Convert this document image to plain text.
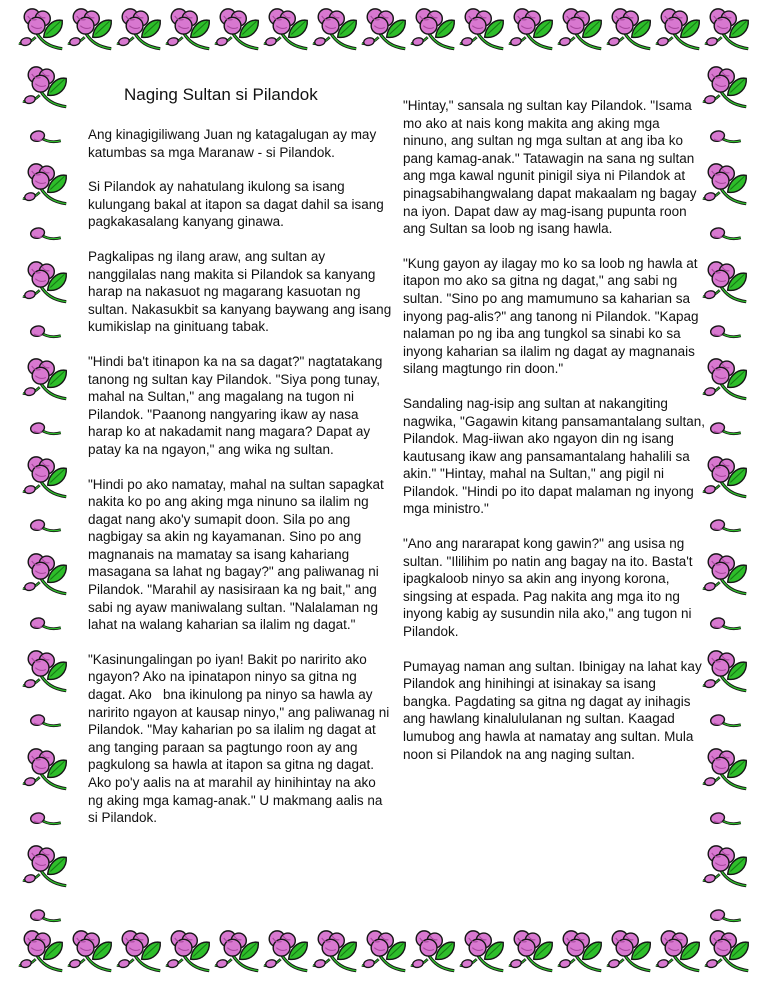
Naging Sultan si Pilandok

Ang kinagigiliwang Juan ng katagalugan ay may katumbas sa mga Maranaw - si Pilandok.

Si Pilandok ay nahatulang ikulong sa isang kulungang bakal at itapon sa dagat dahil sa isang pagkakasalang kanyang ginawa.

Pagkalipas ng ilang araw, ang sultan ay nanggilalas nang makita si Pilandok sa kanyang harap na nakasuot ng magarang kasuotan ng sultan. Nakasukbit sa kanyang baywang ang isang kumikislap na ginituang tabak.

"Hindi ba't itinapon ka na sa dagat?" nagtatakang tanong ng sultan kay Pilandok. "Siya pong tunay, mahal na Sultan," ang magalang na tugon ni Pilandok. "Paanong nangyaring ikaw ay nasa harap ko at nakadamit nang magara? Dapat ay patay ka na ngayon," ang wika ng sultan.

"Hindi po ako namatay, mahal na sultan sapagkat nakita ko po ang aking mga ninuno sa ilalim ng dagat nang ako'y sumapit doon. Sila po ang nagbigay sa akin ng kayamanan. Sino po ang magnanais na mamatay sa isang kahariang masagana sa lahat ng bagay?" ang paliwanag ni Pilandok. "Marahil ay nasisiraan ka ng bait," ang sabi ng ayaw maniwalang sultan. "Nalalaman ng lahat na walang kaharian sa ilalim ng dagat."

"Kasinungalingan po iyan! Bakit po naririto ako ngayon? Ako na ipinatapon ninyo sa gitna ng dagat. Ako   bna ikinulong pa ninyo sa hawla ay naririto ngayon at kausap ninyo," ang paliwanag ni Pilandok. "May kaharian po sa ilalim ng dagat at ang tanging paraan sa pagtungo roon ay ang pagkulong sa hawla at itapon sa gitna ng dagat. Ako po'y aalis na at marahil ay hinihintay na ako ng aking mga kamag-anak." U makmang aalis na si Pilandok.

"Hintay," sansala ng sultan kay Pilandok. "Isama mo ako at nais kong makita ang aking mga ninuno, ang sultan ng mga sultan at ang iba ko pang kamag-anak." Tatawagin na sana ng sultan ang mga kawal ngunit pinigil siya ni Pilandok at pinagsabihangwalang dapat makaalam ng bagay na iyon. Dapat daw ay mag-isang pupunta roon ang Sultan sa loob ng isang hawla.

"Kung gayon ay ilagay mo ko sa loob ng hawla at itapon mo ako sa gitna ng dagat," ang sabi ng sultan. "Sino po ang mamumuno sa kaharian sa inyong pag-alis?" ang tanong ni Pilandok. "Kapag nalaman po ng iba ang tungkol sa sinabi ko sa inyong kaharian sa ilalim ng dagat ay magnanais silang magtungo rin doon."

Sandaling nag-isip ang sultan at nakangiting nagwika, "Gagawin kitang pansamantalang sultan, Pilandok. Mag-iiwan ako ngayon din ng isang kautusang ikaw ang pansamantalang hahalili sa akin." "Hintay, mahal na Sultan," ang pigil ni Pilandok. "Hindi po ito dapat malaman ng inyong mga ministro."

"Ano ang nararapat kong gawin?" ang usisa ng sultan. "Ililihim po natin ang bagay na ito. Basta't ipagkaloob ninyo sa akin ang inyong korona, singsing at espada. Pag nakita ang mga ito ng inyong kabig ay susundin nila ako," ang tugon ni Pilandok.

Pumayag naman ang sultan. Ibinigay na lahat kay Pilandok ang hinihingi at isinakay sa isang bangka. Pagdating sa gitna ng dagat ay inihagis ang hawlang kinalululanan ng sultan. Kaagad lumubog ang hawla at namatay ang sultan. Mula noon si Pilandok na ang naging sultan.
